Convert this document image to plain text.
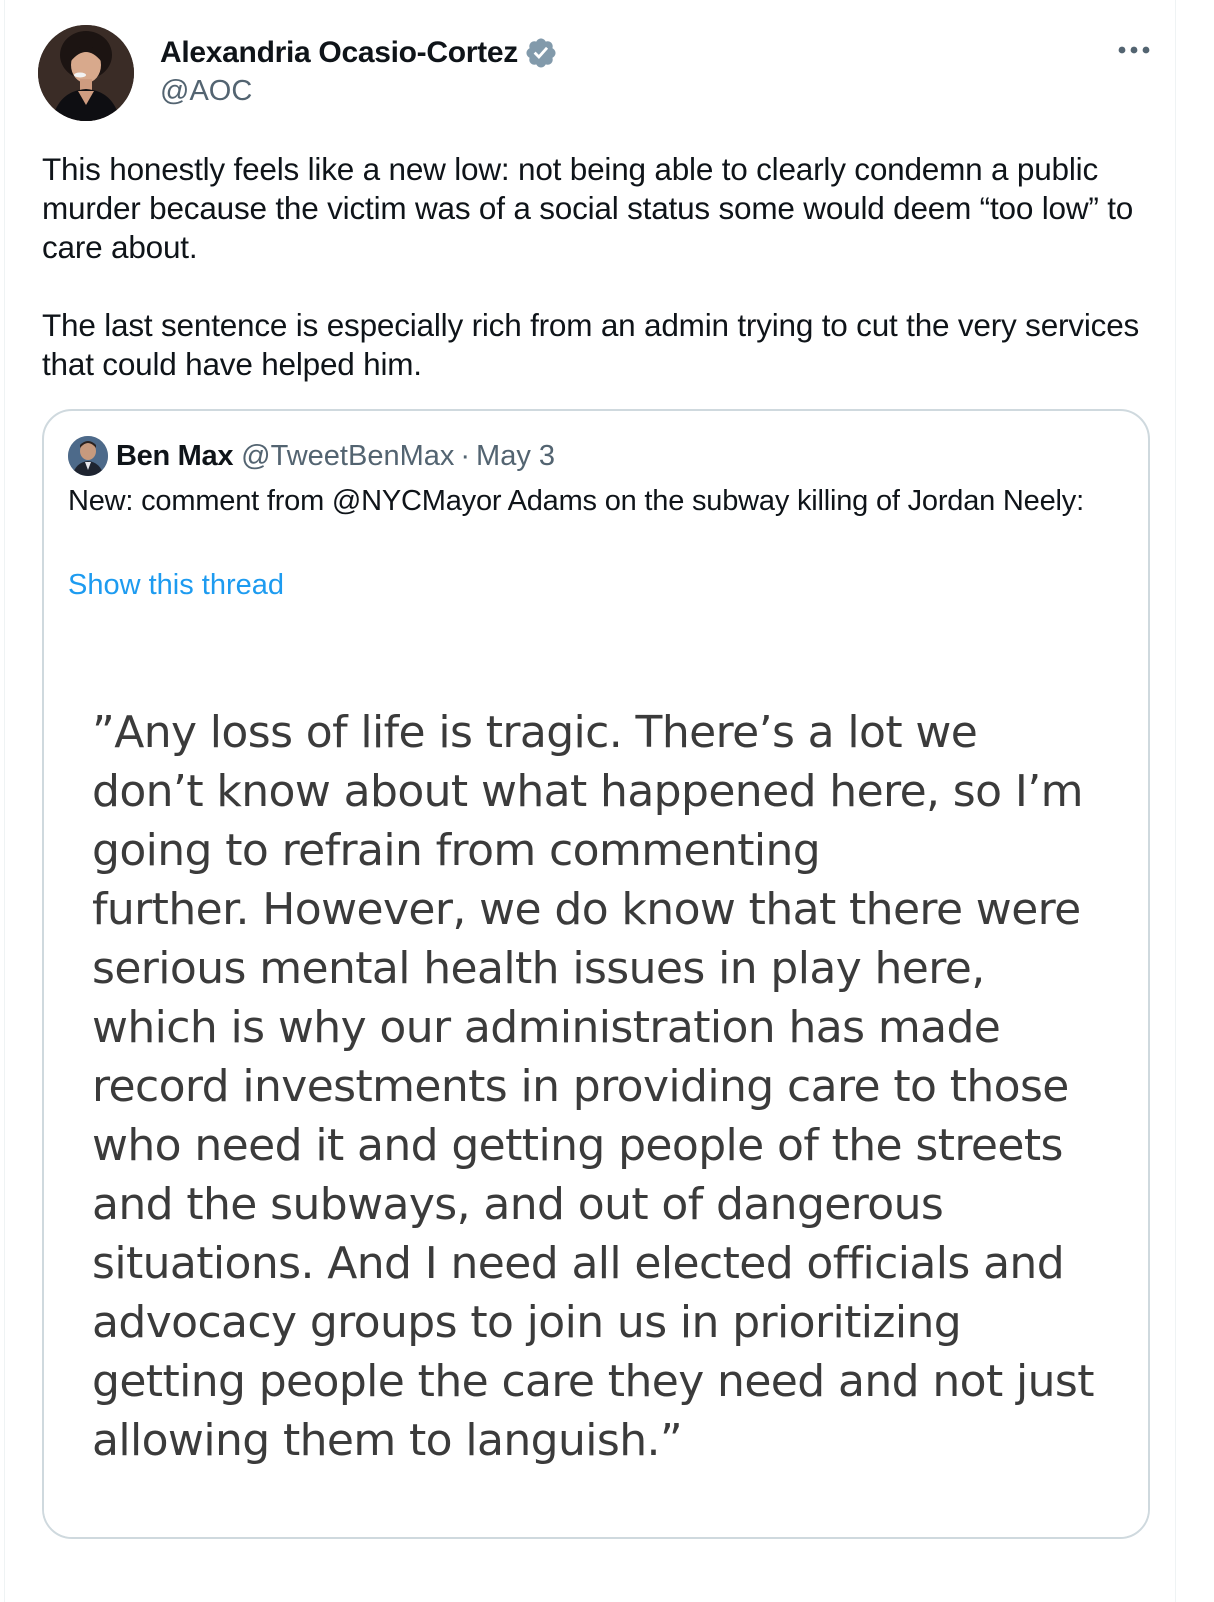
Alexandria Ocasio-Cortez
@AOC

This honestly feels like a new low: not being able to clearly condemn a public murder because the victim was of a social status some would deem “too low” to care about.

The last sentence is especially rich from an admin trying to cut the very services that could have helped him.

Ben Max @TweetBenMax · May 3
New: comment from @NYCMayor Adams on the subway killing of Jordan Neely:
Show this thread
”Any loss of life is tragic. There’s a lot we
don’t know about what happened here, so I’m
going to refrain from commenting
further. However, we do know that there were
serious mental health issues in play here,
which is why our administration has made
record investments in providing care to those
who need it and getting people of the streets
and the subways, and out of dangerous
situations. And I need all elected officials and
advocacy groups to join us in prioritizing
getting people the care they need and not just
allowing them to languish.”
